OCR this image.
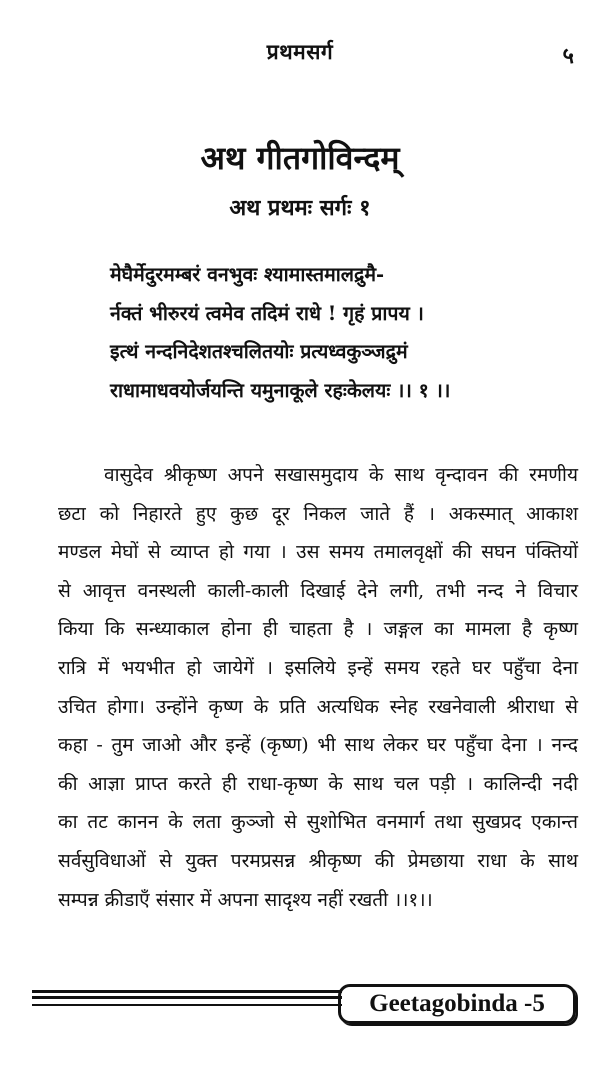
प्रथमसर्ग	५
अथ गीतगोविन्दम्
अथ प्रथमः सर्गः १
मेघैर्मेदुरमम्बरं वनभुवः श्यामास्तमालद्रुमै-
र्नक्तं भीरुरयं त्वमेव तदिमं राधे ! गृहं प्रापय ।
इत्थं नन्दनिदेशतश्चलितयोः प्रत्यध्वकुञ्जद्रुमं
राधामाधवयोर्जयन्ति यमुनाकूले रहःकेलयः ।। १ ।।
वासुदेव श्रीकृष्ण अपने सखासमुदाय के साथ वृन्दावन की रमणीय
छटा को निहारते हुए कुछ दूर निकल जाते हैं । अकस्मात् आकाश
मण्डल मेघों से व्याप्त हो गया । उस समय तमालवृक्षों की सघन पंक्तियों
से आवृत्त वनस्थली काली-काली दिखाई देने लगी, तभी नन्द ने विचार
किया कि सन्ध्याकाल होना ही चाहता है । जङ्गल का मामला है कृष्ण
रात्रि में भयभीत हो जायेगें । इसलिये इन्हें समय रहते घर पहुँचा देना
उचित होगा। उन्होंने कृष्ण के प्रति अत्यधिक स्नेह रखनेवाली श्रीराधा से
कहा - तुम जाओ और इन्हें (कृष्ण) भी साथ लेकर घर पहुँचा देना । नन्द
की आज्ञा प्राप्त करते ही राधा-कृष्ण के साथ चल पड़ी । कालिन्दी नदी
का तट कानन के लता कुञ्जो से सुशोभित वनमार्ग तथा सुखप्रद एकान्त
सर्वसुविधाओं से युक्त परमप्रसन्न श्रीकृष्ण की प्रेमछाया राधा के साथ
सम्पन्न क्रीडाएँ संसार में अपना सादृश्य नहीं रखती ।।१।।
Geetagobinda -5
